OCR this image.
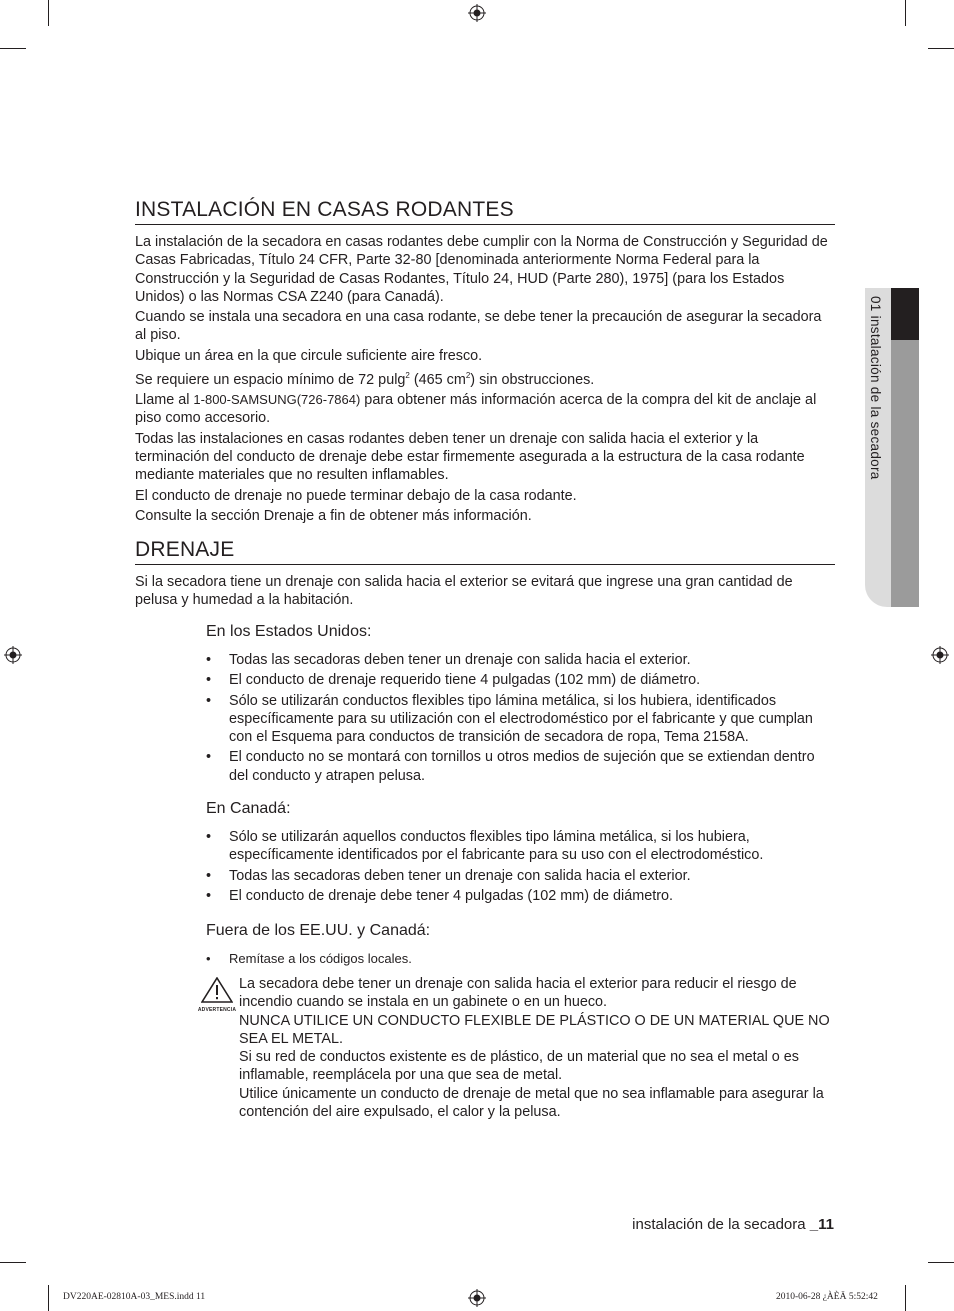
01 instalación de la secadora
INSTALACIÓN EN CASAS RODANTES

La instalación de la secadora en casas rodantes debe cumplir con la Norma de Construcción y Seguridad de Casas Fabricadas, Título 24 CFR, Parte 32-80 [denominada anteriormente Norma Federal para la Construcción y la Seguridad de Casas Rodantes, Título 24, HUD (Parte 280), 1975] (para los Estados Unidos) o las Normas CSA Z240 (para Canadá).

Cuando se instala una secadora en una casa rodante, se debe tener la precaución de asegurar la secadora al piso.

Ubique un área en la que circule suficiente aire fresco.

Se requiere un espacio mínimo de 72 pulg$^2$ (465 $cm^2$) sin obstrucciones.

Llame al 1-800-SAMSUNG(726-7864) para obtener más información acerca de la compra del kit de anclaje al piso como accesorio.

Todas las instalaciones en casas rodantes deben tener un drenaje con salida hacia el exterior y la terminación del conducto de drenaje debe estar firmemente asegurada a la estructura de la casa rodante mediante materiales que no resulten inflamables.

El conducto de drenaje no puede terminar debajo de la casa rodante.

Consulte la sección Drenaje a fin de obtener más información.

DRENAJE

Si la secadora tiene un drenaje con salida hacia el exterior se evitará que ingrese una gran cantidad de pelusa y humedad a la habitación.

En los Estados Unidos:
• Todas las secadoras deben tener un drenaje con salida hacia el exterior.
• El conducto de drenaje requerido tiene 4 pulgadas (102 mm) de diámetro.
• Sólo se utilizarán conductos flexibles tipo lámina metálica, si los hubiera, identificados específicamente para su utilización con el electrodoméstico por el fabricante y que cumplan con el Esquema para conductos de transición de secadora de ropa, Tema 2158A.
• El conducto no se montará con tornillos u otros medios de sujeción que se extiendan dentro del conducto y atrapen pelusa.
En Canadá:
• Sólo se utilizarán aquellos conductos flexibles tipo lámina metálica, si los hubiera, específicamente identificados por el fabricante para su uso con el electrodoméstico.
• Todas las secadoras deben tener un drenaje con salida hacia el exterior.
• El conducto de drenaje debe tener 4 pulgadas (102 mm) de diámetro.
Fuera de los EE.UU. y Canadá:
• Remítase a los códigos locales.
ADVERTENCIA

La secadora debe tener un drenaje con salida hacia el exterior para reducir el riesgo de incendio cuando se instala en un gabinete o en un hueco.

NUNCA UTILICE UN CONDUCTO FLEXIBLE DE PLÁSTICO O DE UN MATERIAL QUE NO SEA EL METAL.

Si su red de conductos existente es de plástico, de un material que no sea el metal o es inflamable, reemplácela por una que sea de metal.

Utilice únicamente un conducto de drenaje de metal que no sea inflamable para asegurar la contención del aire expulsado, el calor y la pelusa.

instalación de la secadora _11
DV220AE-02810A-03_MES.indd 11	2010-06-28 ¿ÀÈÄ 5:52:42
